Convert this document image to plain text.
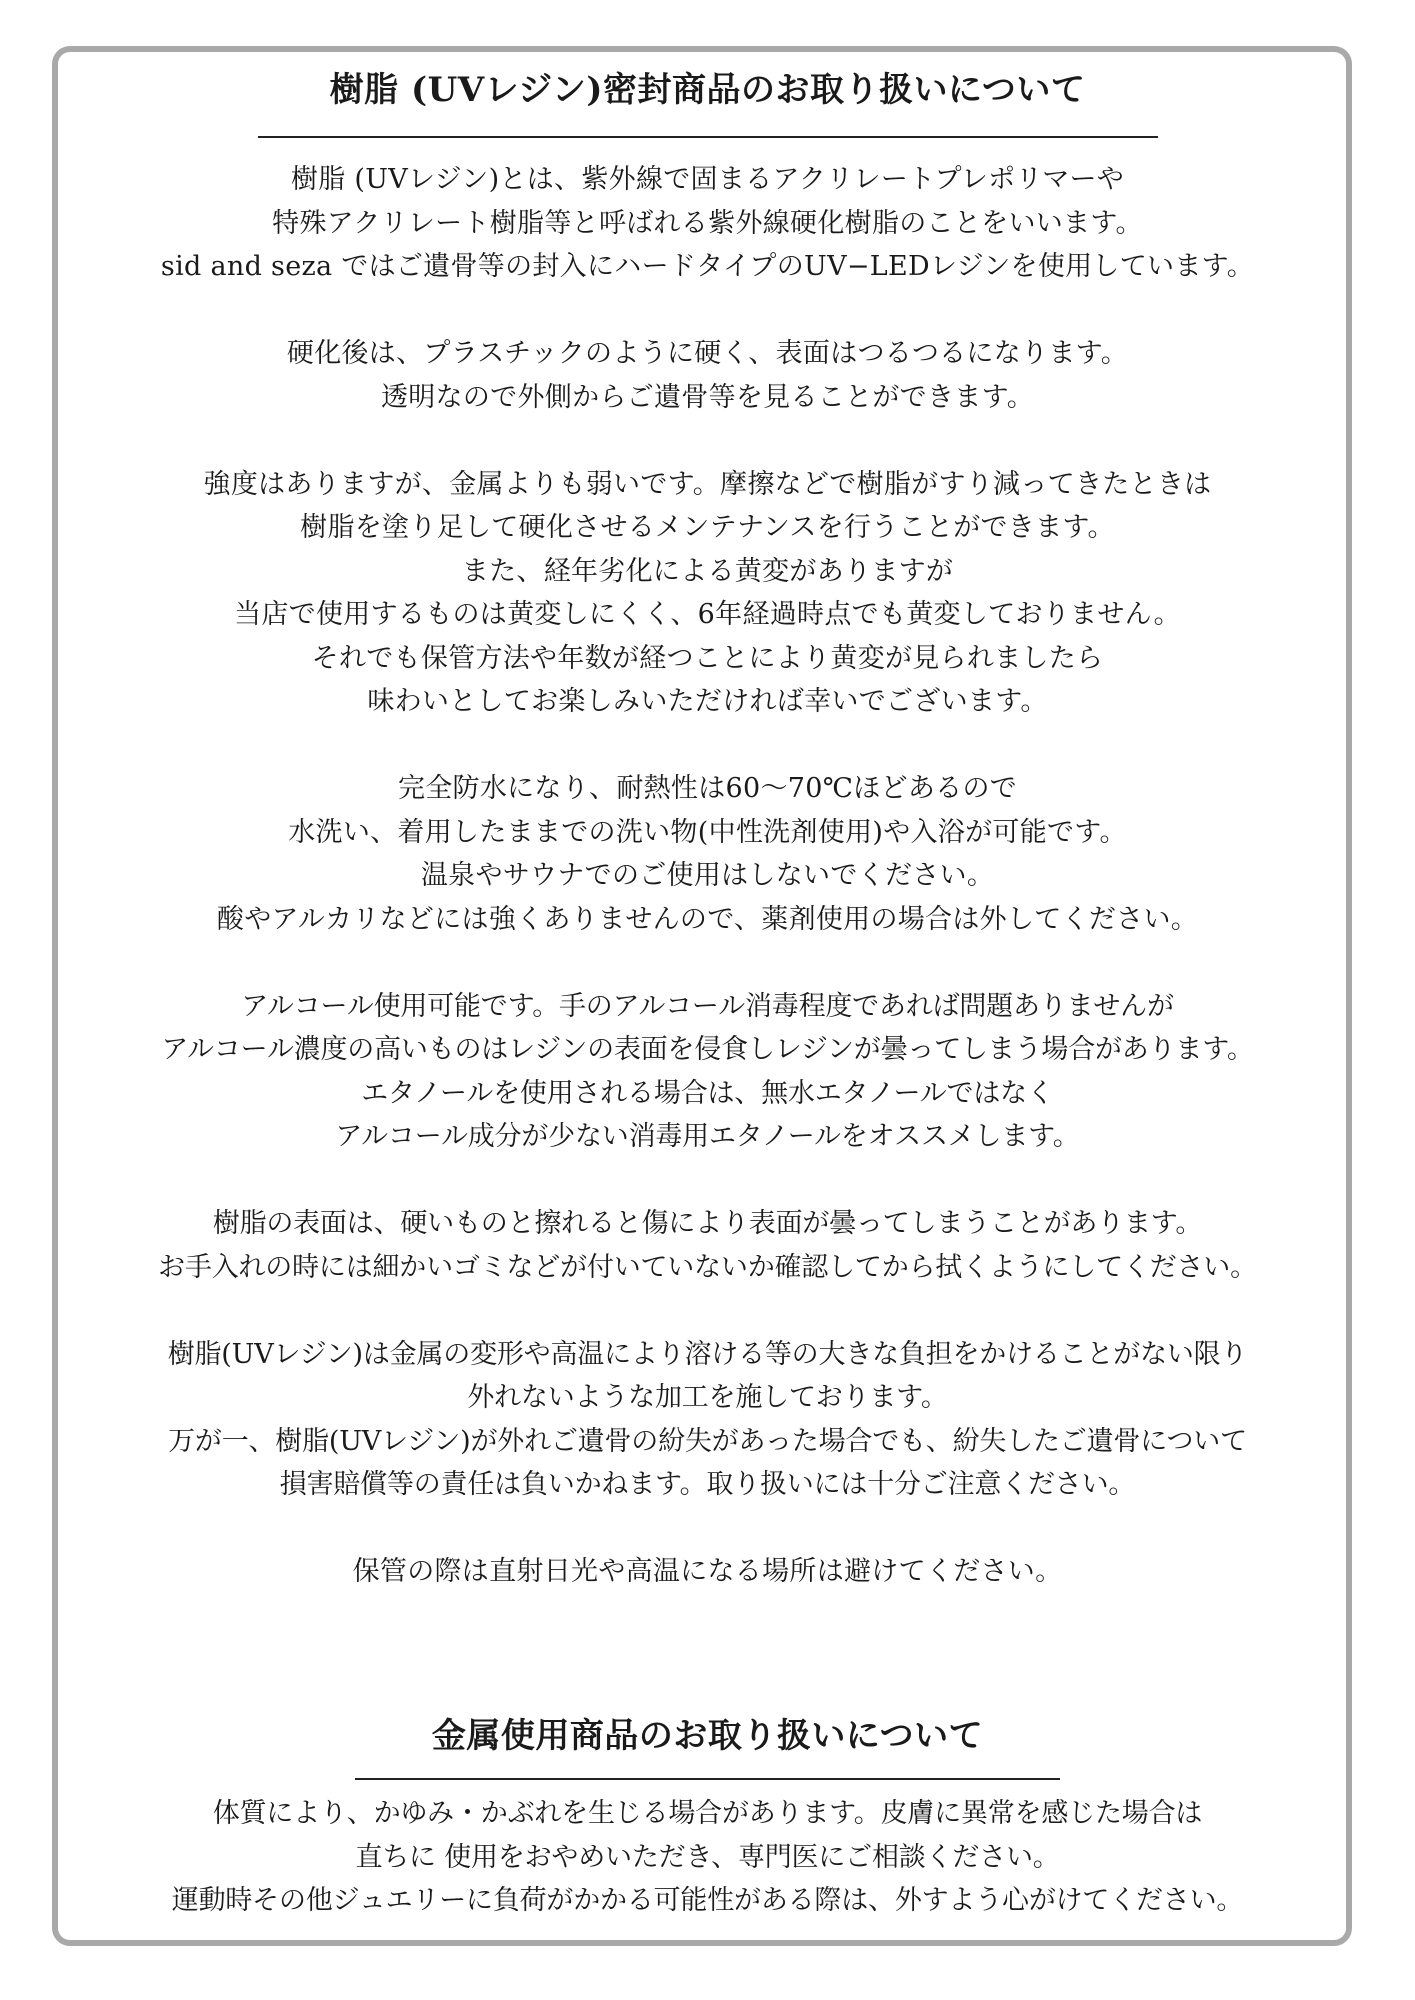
樹脂 (UVレジン)密封商品のお取り扱いについて

樹脂 (UVレジン)とは、紫外線で固まるアクリレートプレポリマーや
特殊アクリレート樹脂等と呼ばれる紫外線硬化樹脂のことをいいます。
sid and seza ではご遺骨等の封入にハードタイプのUV−LEDレジンを使用しています。

硬化後は、プラスチックのように硬く、表面はつるつるになります。
透明なので外側からご遺骨等を見ることができます。

強度はありますが、金属よりも弱いです。摩擦などで樹脂がすり減ってきたときは
樹脂を塗り足して硬化させるメンテナンスを行うことができます。
また、経年劣化による黄変がありますが
当店で使用するものは黄変しにくく、6年経過時点でも黄変しておりません。
それでも保管方法や年数が経つことにより黄変が見られましたら
味わいとしてお楽しみいただければ幸いでございます。

完全防水になり、耐熱性は60〜70℃ほどあるので
水洗い、着用したままでの洗い物(中性洗剤使用)や入浴が可能です。
温泉やサウナでのご使用はしないでください。
酸やアルカリなどには強くありませんので、薬剤使用の場合は外してください。

アルコール使用可能です。手のアルコール消毒程度であれば問題ありませんが
アルコール濃度の高いものはレジンの表面を侵食しレジンが曇ってしまう場合があります。
エタノールを使用される場合は、無水エタノールではなく
アルコール成分が少ない消毒用エタノールをオススメします。

樹脂の表面は、硬いものと擦れると傷により表面が曇ってしまうことがあります。
お手入れの時には細かいゴミなどが付いていないか確認してから拭くようにしてください。

樹脂(UVレジン)は金属の変形や高温により溶ける等の大きな負担をかけることがない限り
外れないような加工を施しております。
万が一、樹脂(UVレジン)が外れご遺骨の紛失があった場合でも、紛失したご遺骨について
損害賠償等の責任は負いかねます。取り扱いには十分ご注意ください。

保管の際は直射日光や高温になる場所は避けてください。

金属使用商品のお取り扱いについて

体質により、かゆみ・かぶれを生じる場合があります。皮膚に異常を感じた場合は
直ちに 使用をおやめいただき、専門医にご相談ください。
運動時その他ジュエリーに負荷がかかる可能性がある際は、外すよう心がけてください。
